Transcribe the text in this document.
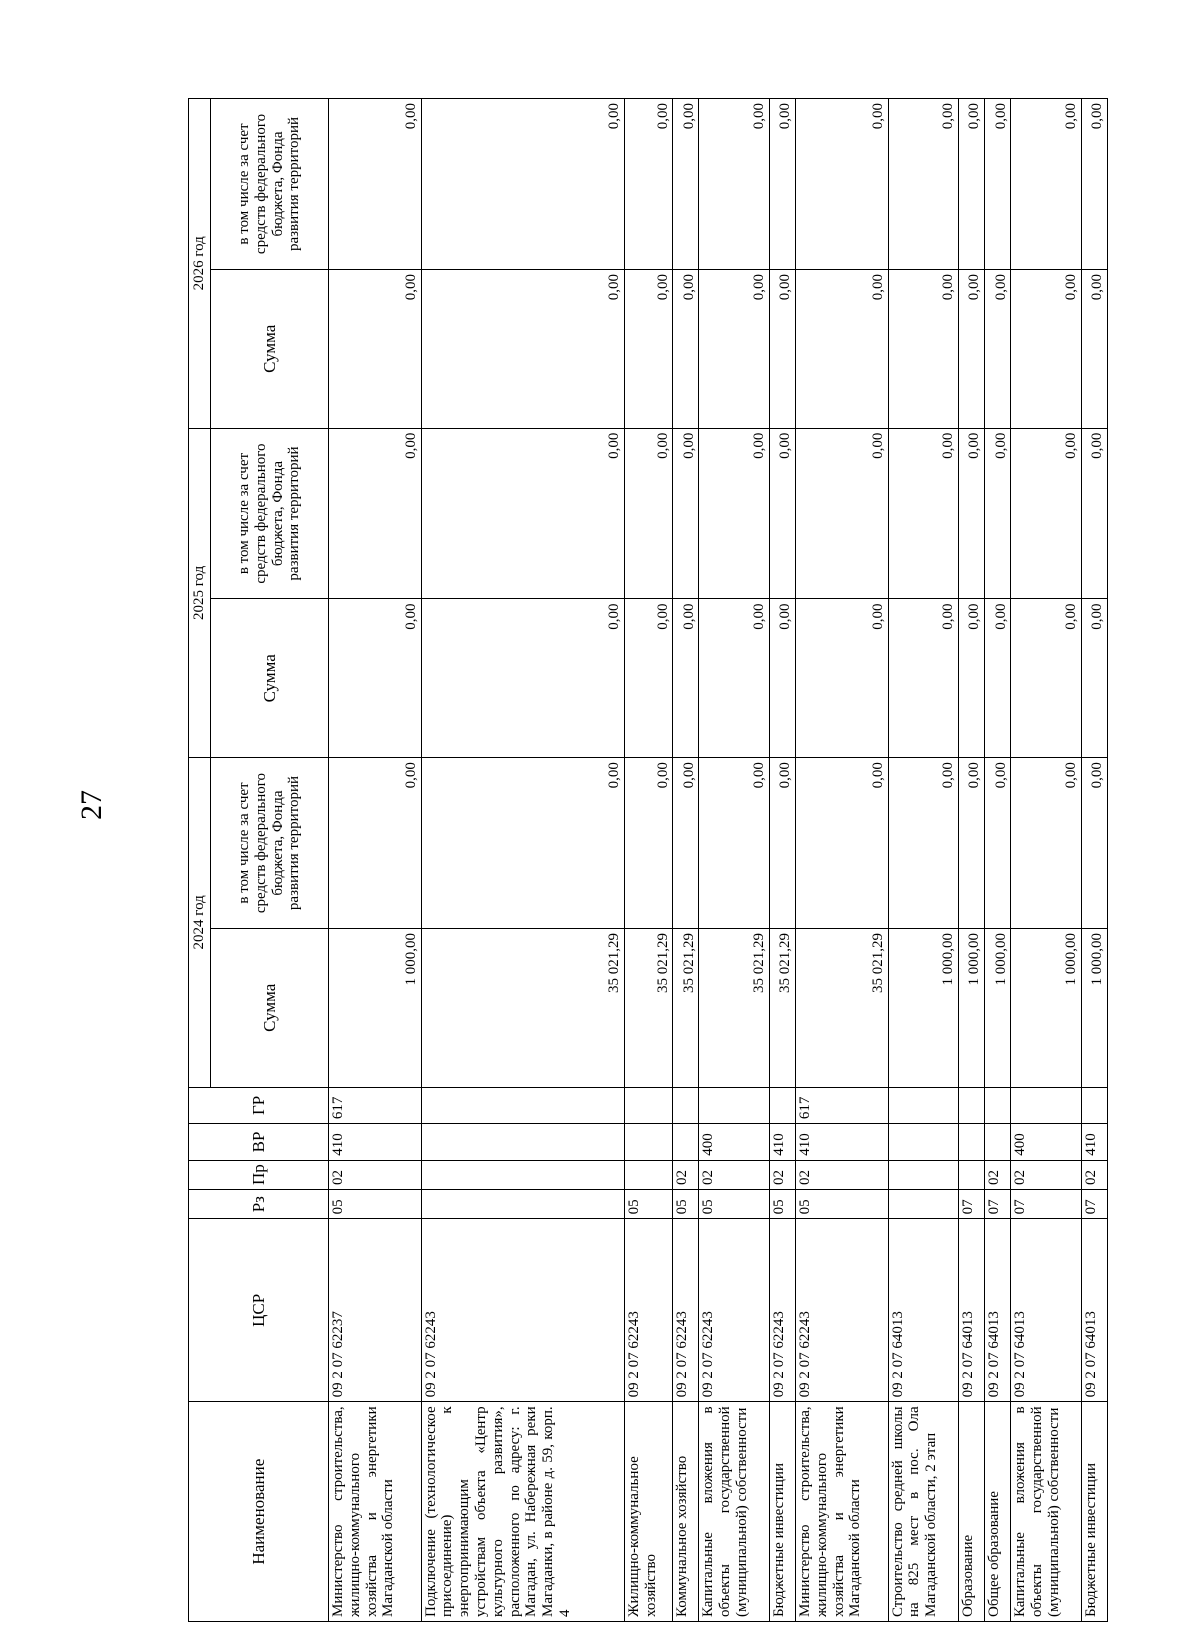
27
Наименование	ЦСР	Рз	Пр	ВР	ГР	2024 год		2025 год		2026 год	
						Сумма	в том числе за счет средств федерального бюджета, Фонда развития территорий	Сумма	в том числе за счет средств федерального бюджета, Фонда развития территорий	Сумма	в том числе за счет средств федерального бюджета, Фонда развития территорий
Министерство строительства, жилищно-коммунального хозяйства и энергетики Магаданской области	09 2 07 62237	05	02	410	617	1 000,00	0,00	0,00	0,00	0,00	0,00
Подключение (технологическое присоединение) к энергопринимающим устройствам объекта «Центр культурного развития», расположенного по адресу: г. Магадан, ул. Набережная реки Магаданки, в районе д. 59, корп. 4	09 2 07 62243					35 021,29	0,00	0,00	0,00	0,00	0,00
Жилищно-коммунальное хозяйство	09 2 07 62243	05				35 021,29	0,00	0,00	0,00	0,00	0,00
Коммунальное хозяйство	09 2 07 62243	05	02			35 021,29	0,00	0,00	0,00	0,00	0,00
Капитальные вложения в объекты государственной (муниципальной) собственности	09 2 07 62243	05	02	400		35 021,29	0,00	0,00	0,00	0,00	0,00
Бюджетные инвестиции	09 2 07 62243	05	02	410		35 021,29	0,00	0,00	0,00	0,00	0,00
Министерство строительства, жилищно-коммунального хозяйства и энергетики Магаданской области	09 2 07 62243	05	02	410	617	35 021,29	0,00	0,00	0,00	0,00	0,00
Строительство средней школы на 825 мест в пос. Ола Магаданской области, 2 этап	09 2 07 64013					1 000,00	0,00	0,00	0,00	0,00	0,00
Образование	09 2 07 64013	07				1 000,00	0,00	0,00	0,00	0,00	0,00
Общее образование	09 2 07 64013	07	02			1 000,00	0,00	0,00	0,00	0,00	0,00
Капитальные вложения в объекты государственной (муниципальной) собственности	09 2 07 64013	07	02	400		1 000,00	0,00	0,00	0,00	0,00	0,00
Бюджетные инвестиции	09 2 07 64013	07	02	410		1 000,00	0,00	0,00	0,00	0,00	0,00
